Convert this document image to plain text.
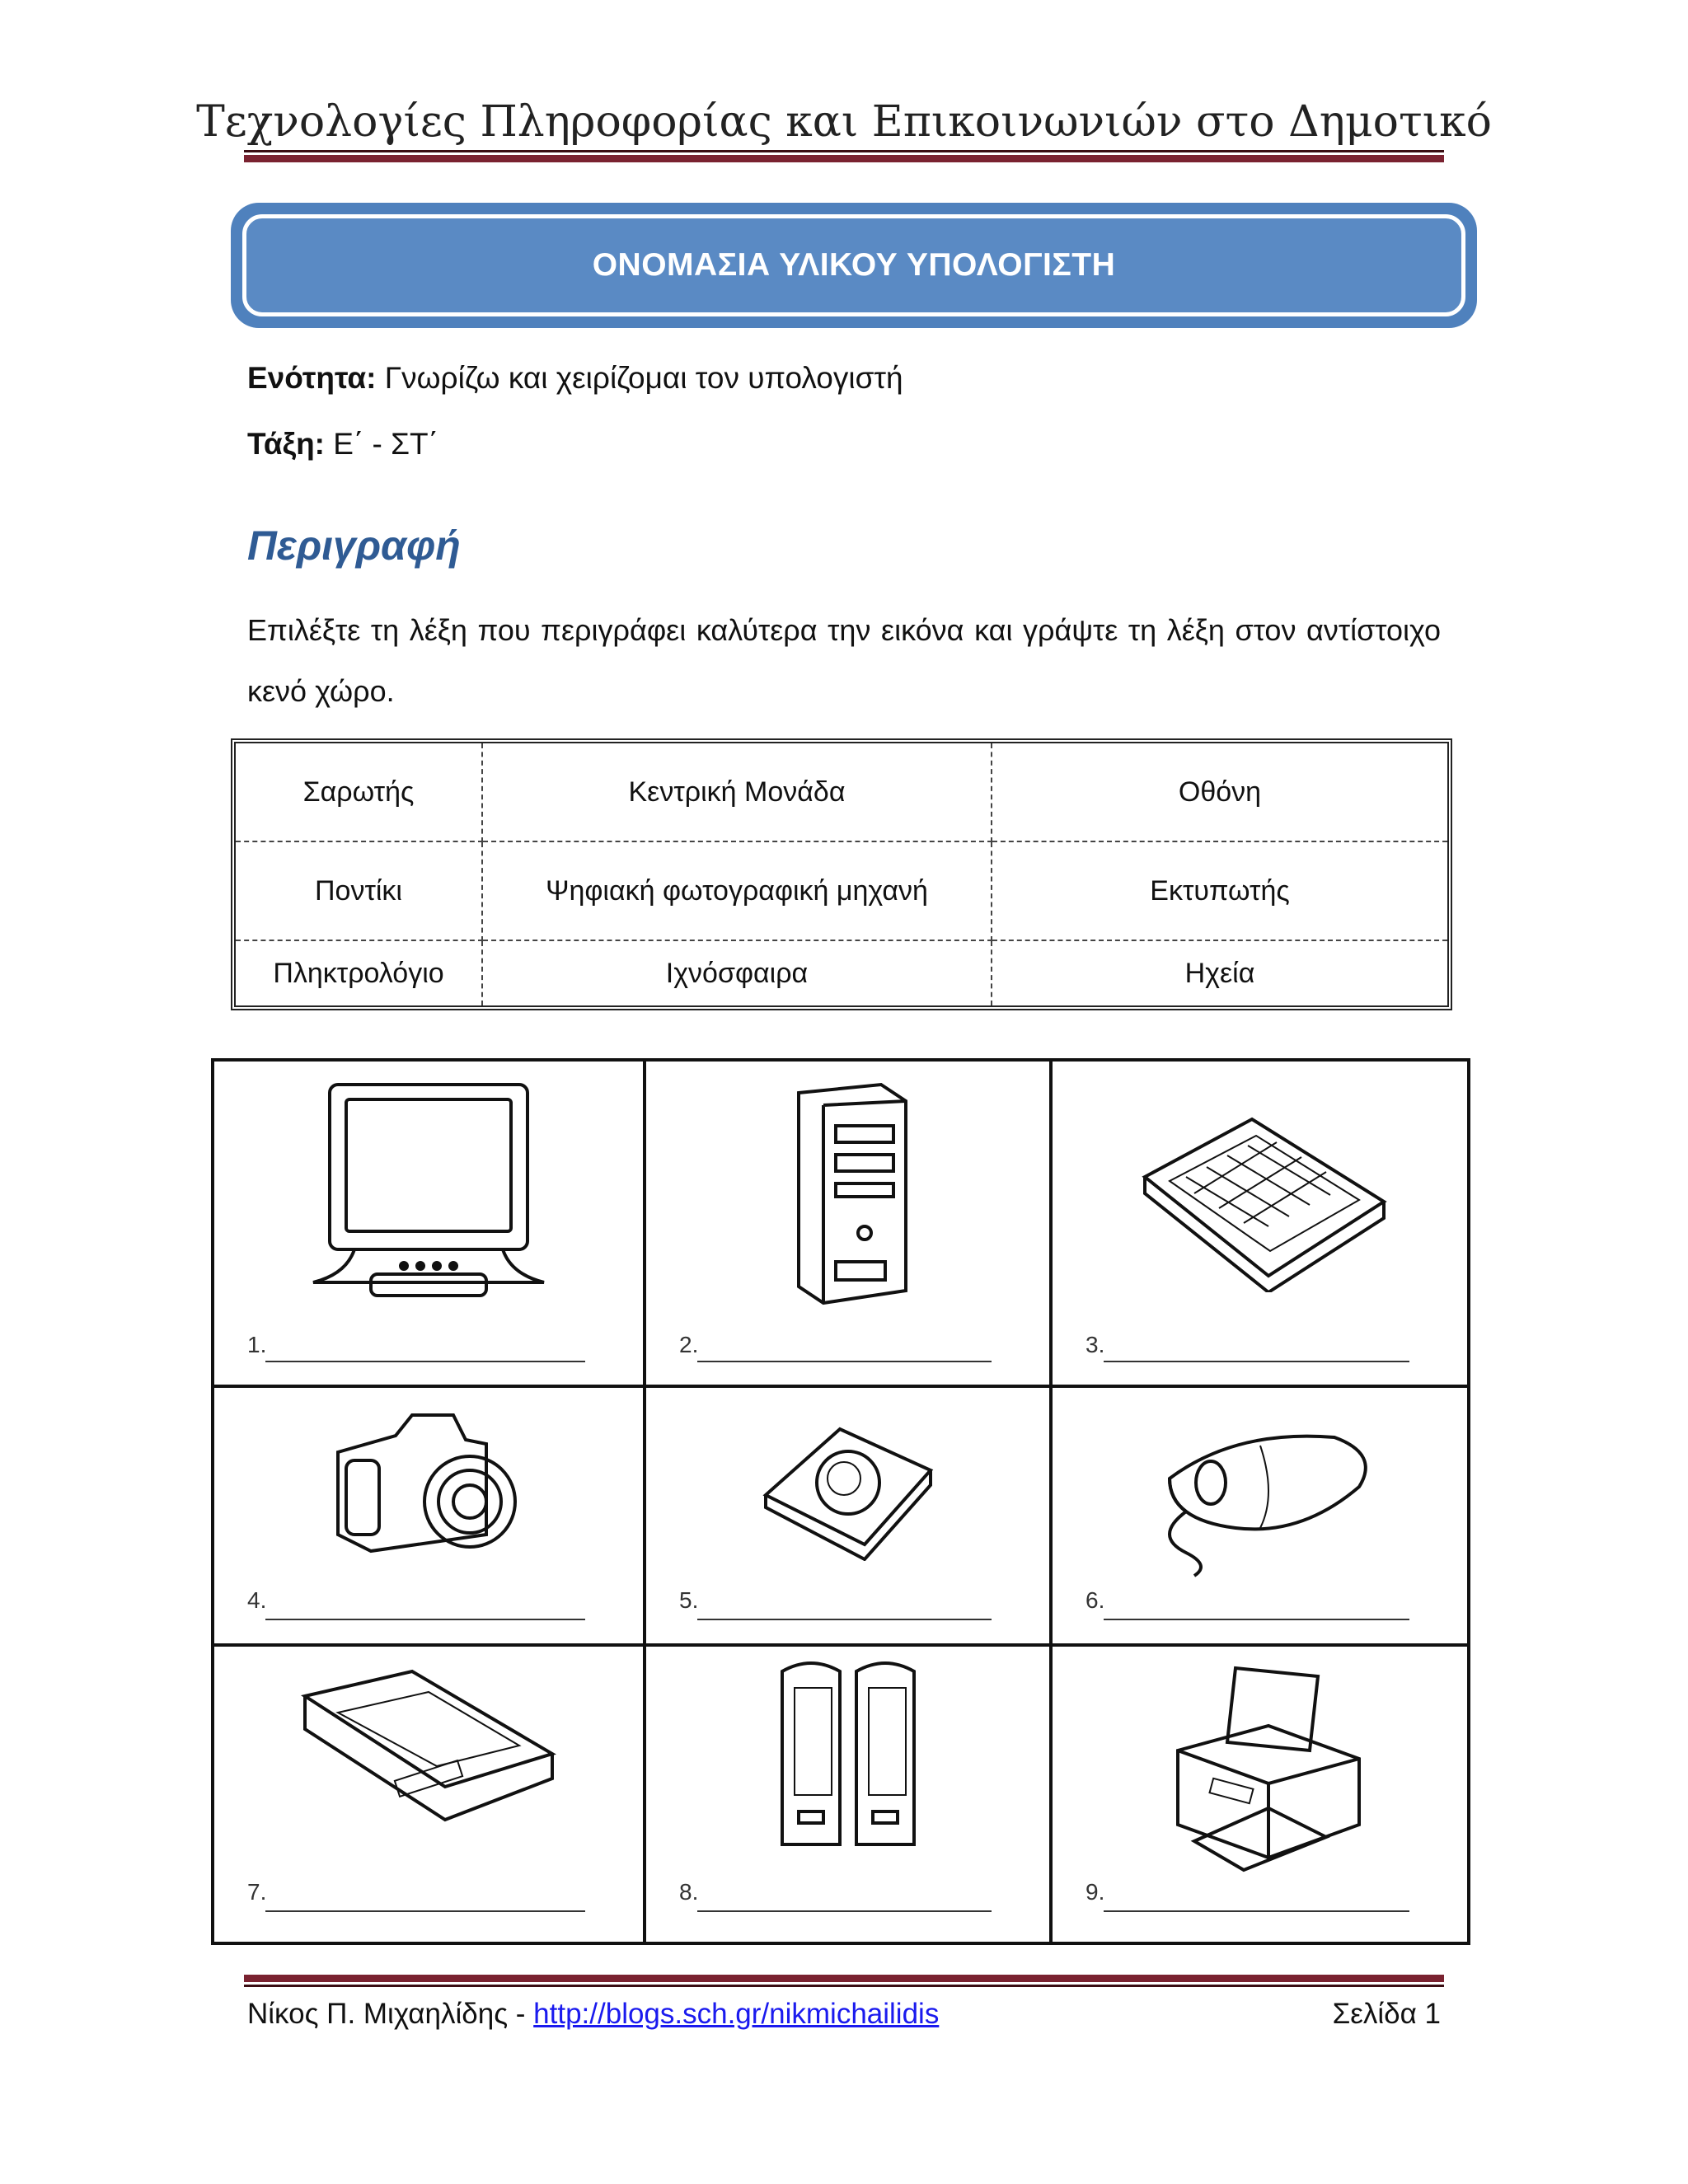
Τεχνολογίες Πληροφορίας και Επικοινωνιών στο Δημοτικό
ΟΝΟΜΑΣΙΑ ΥΛΙΚΟΥ ΥΠΟΛΟΓΙΣΤΗ
Ενότητα: Γνωρίζω και χειρίζομαι τον υπολογιστή
Τάξη: Ε΄ - ΣΤ΄
Περιγραφή
Επιλέξτε τη λέξη που περιγράφει καλύτερα την εικόνα και γράψτε τη λέξη στον αντίστοιχο κενό χώρο.
Σαρωτής	Κεντρική Μονάδα	Οθόνη
Ποντίκι	Ψηφιακή φωτογραφική μηχανή	Εκτυπωτής
Πληκτρολόγιο	Ιχνόσφαιρα	Ηχεία
1.	2.	3.
4.	5.	6.
7.	8.	9.
Νίκος Π. Μιχαηλίδης - http://blogs.sch.gr/nikmichailidis	Σελίδα 1
